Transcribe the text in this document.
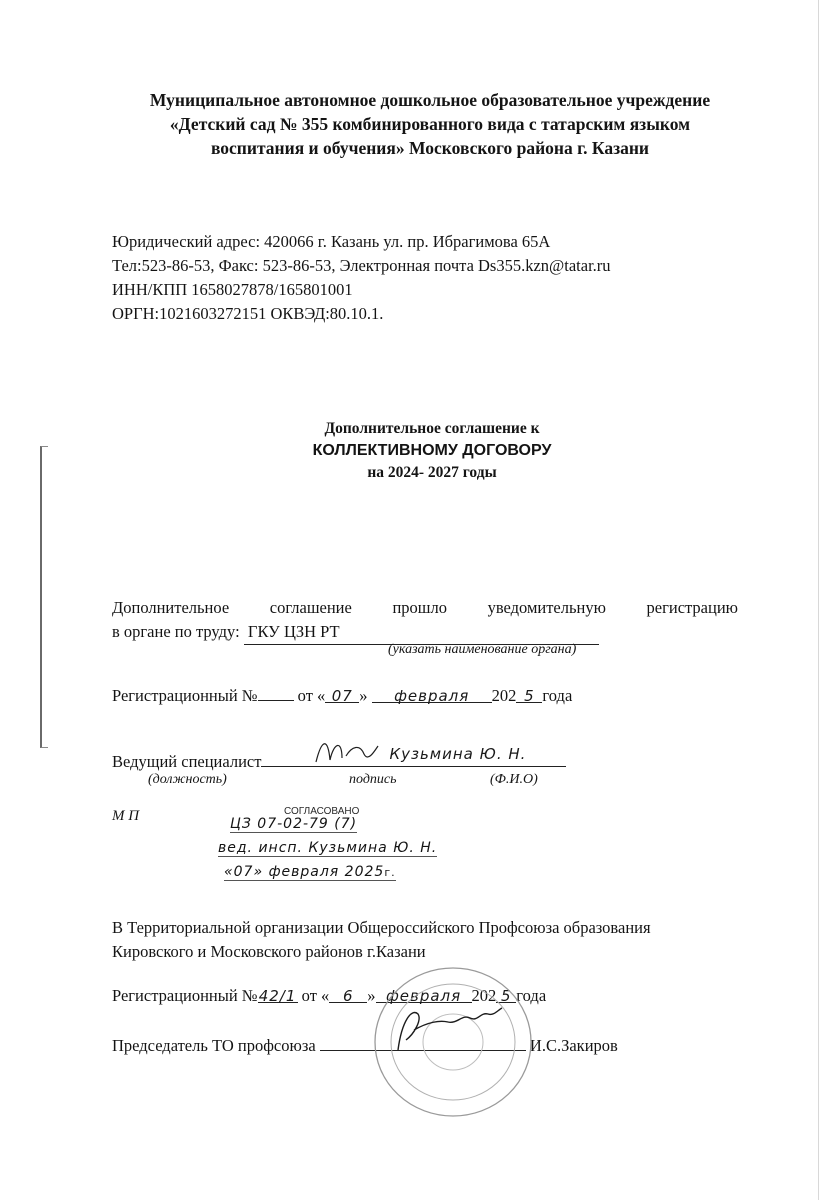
Муниципальное автономное дошкольное образовательное учреждение
«Детский сад № 355 комбинированного вида с татарским языком
воспитания и обучения» Московского района г. Казани
Юридический адрес: 420066 г. Казань ул. пр. Ибрагимова 65А
Тел:523-86-53, Факс: 523-86-53, Электронная почта Ds355.kzn@tatar.ru
ИНН/КПП 1658027878/165801001
ОРГН:1021603272151 ОКВЭД:80.10.1.
Дополнительное соглашение к
КОЛЛЕКТИВНОМУ ДОГОВОРУ
на 2024- 2027 годы
Дополнительное соглашение прошло уведомительную регистрацию
в органе по труду: ГКУ ЦЗН РТ
(указать наименование органа)
Регистрационный № от « 07 » февраля 202 5 года
Ведущий специалист	Кузьмина Ю. Н.
(должность)	подпись	(Ф.И.О)
М П	СОГЛАСОВАНО
ЦЗ 07-02-79 (7)
вед. инсп. Кузьмина Ю. Н.
«07» февраля 2025г.
В Территориальной организации Общероссийского Профсоюза образования
Кировского и Московского районов г.Казани
Регистрационный №42/1 от « 6 » февраля 202 5 года
Председатель ТО профсоюза	И.С.Закиров
